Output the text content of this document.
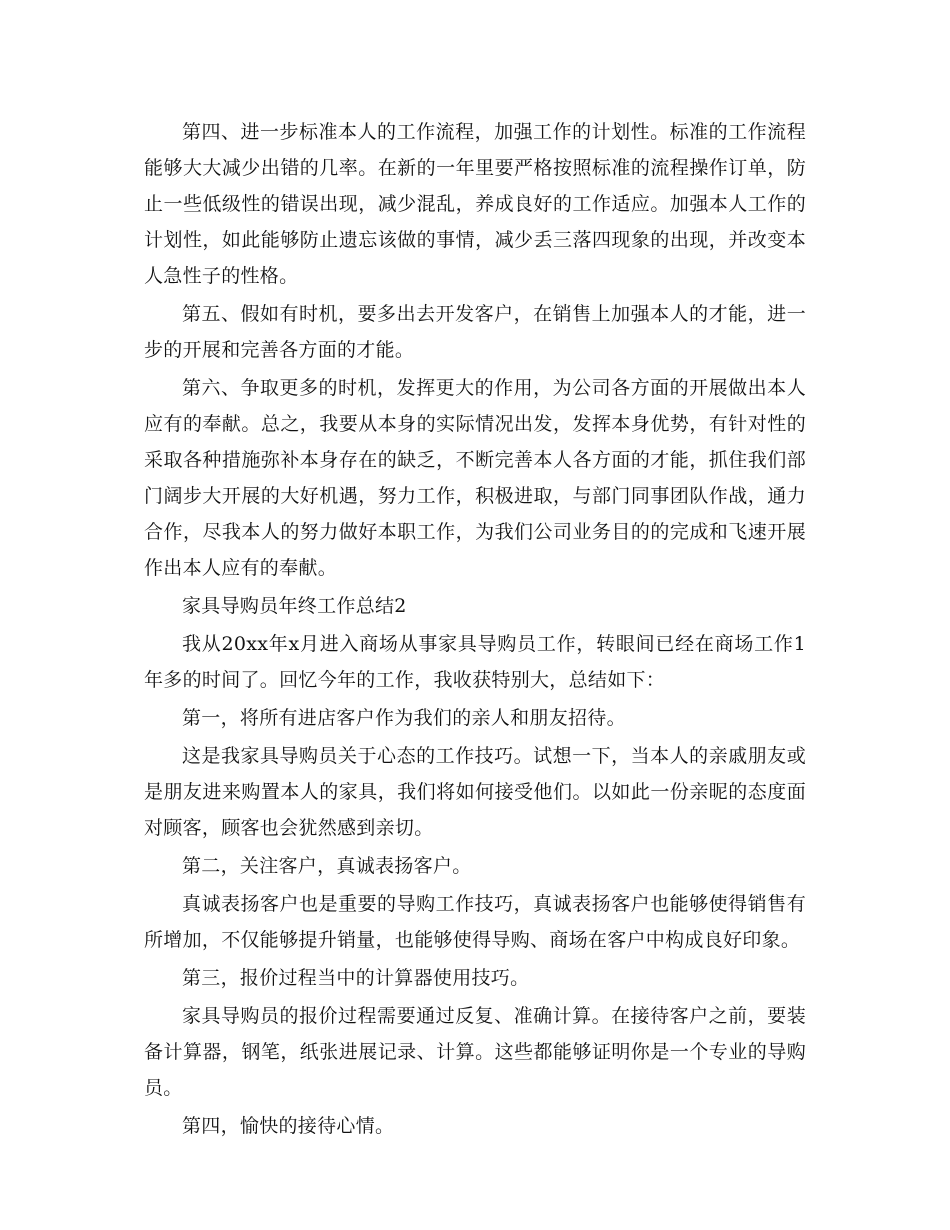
第四、进一步标准本人的工作流程，加强工作的计划性。标准的工作流程能够大大减少出错的几率。在新的一年里要严格按照标准的流程操作订单，防止一些低级性的错误出现，减少混乱，养成良好的工作适应。加强本人工作的计划性，如此能够防止遗忘该做的事情，减少丢三落四现象的出现，并改变本人急性子的性格。

第五、假如有时机，要多出去开发客户，在销售上加强本人的才能，进一步的开展和完善各方面的才能。

第六、争取更多的时机，发挥更大的作用，为公司各方面的开展做出本人应有的奉献。总之，我要从本身的实际情况出发，发挥本身优势，有针对性的采取各种措施弥补本身存在的缺乏，不断完善本人各方面的才能，抓住我们部门阔步大开展的大好机遇，努力工作，积极进取，与部门同事团队作战，通力合作，尽我本人的努力做好本职工作，为我们公司业务目的的完成和飞速开展作出本人应有的奉献。

家具导购员年终工作总结2

我从20xx年x月进入商场从事家具导购员工作，转眼间已经在商场工作1年多的时间了。回忆今年的工作，我收获特别大，总结如下：

第一，将所有进店客户作为我们的亲人和朋友招待。

这是我家具导购员关于心态的工作技巧。试想一下，当本人的亲戚朋友或是朋友进来购置本人的家具，我们将如何接受他们。以如此一份亲昵的态度面对顾客，顾客也会犹然感到亲切。

第二，关注客户，真诚表扬客户。

真诚表扬客户也是重要的导购工作技巧，真诚表扬客户也能够使得销售有所增加，不仅能够提升销量，也能够使得导购、商场在客户中构成良好印象。

第三，报价过程当中的计算器使用技巧。

家具导购员的报价过程需要通过反复、准确计算。在接待客户之前，要装备计算器，钢笔，纸张进展记录、计算。这些都能够证明你是一个专业的导购员。

第四，愉快的接待心情。
